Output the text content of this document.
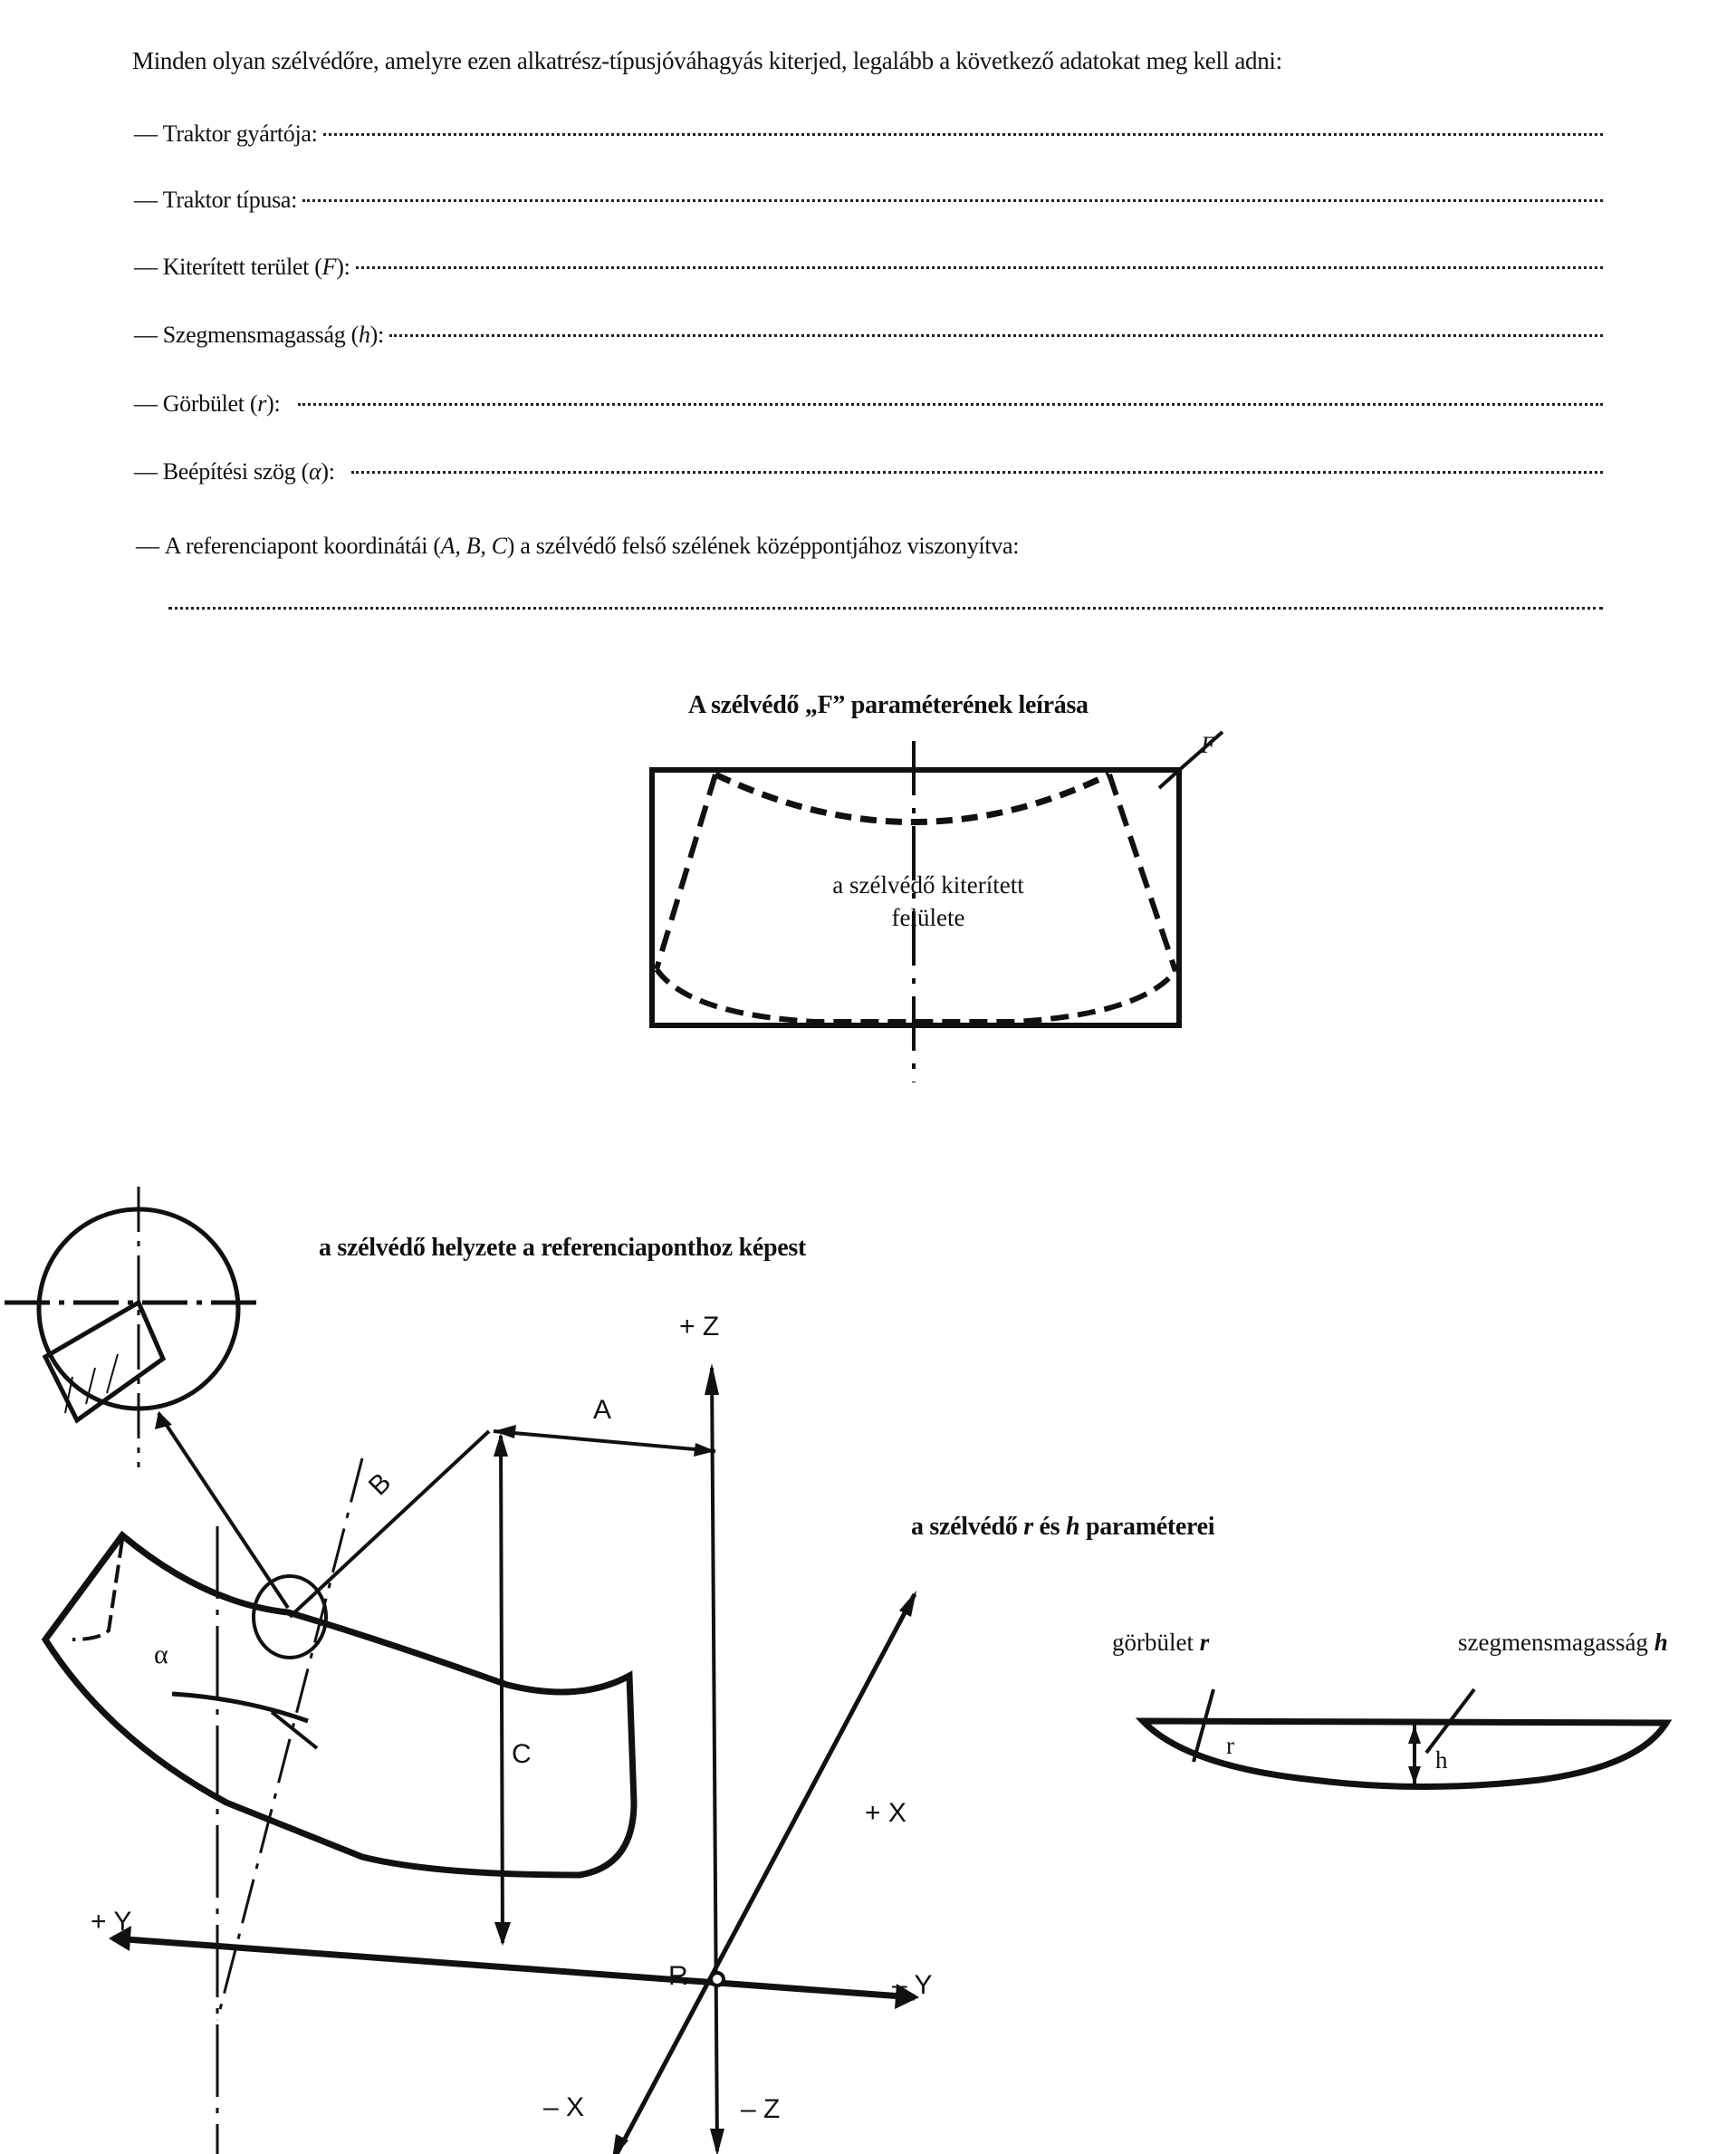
Minden olyan szélvédőre, amelyre ezen alkatrész-típusjóváhagyás kiterjed, legalább a következő adatokat meg kell adni:
— Traktor gyártója:
— Traktor típusa:
— Kiterített terület ( F ):
— Szegmensmagasság ( h ):
— Görbület ( r ):
— Beépítési szög ( α ):
— A referenciapont koordinátái ( A, B, C ) a szélvédő felső szélének középpontjához viszonyítva:
A szélvédő „F” paraméterének leírása
F
a szélvédő kiterített
felülete
a szélvédő helyzete a referenciaponthoz képest
+ Z
A
B
C
α
+ X
+ Y
R	– Y
– X	– Z
a szélvédő r és h paraméterei
görbület r	szegmensmagasság h
r
h
